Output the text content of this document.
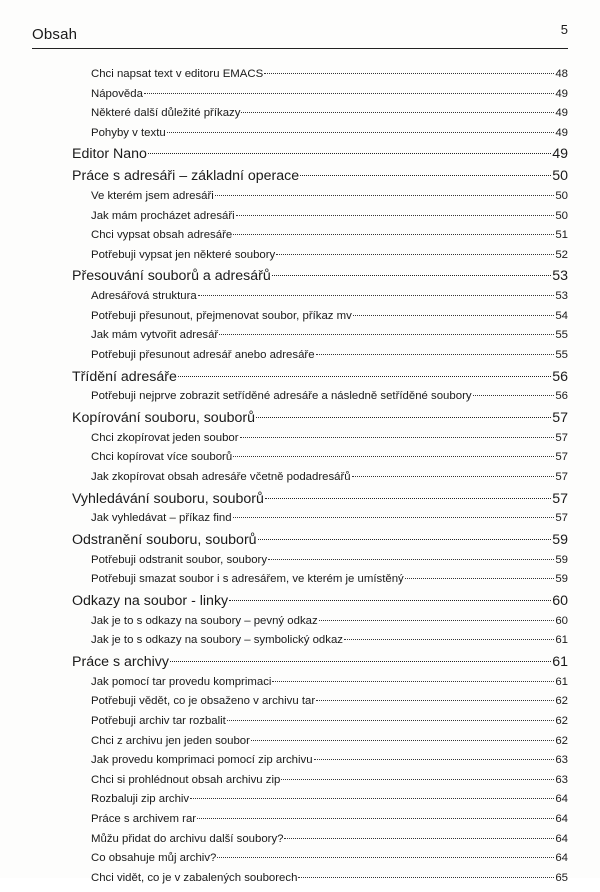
Obsah	5
Chci napsat text v editoru EMACS	48
Nápověda	49
Některé další důležité příkazy	49
Pohyby v textu	49
Editor Nano	49
Práce s adresáři – základní operace	50
Ve kterém jsem adresáři	50
Jak mám procházet adresáři	50
Chci vypsat obsah adresáře	51
Potřebuji vypsat jen některé soubory	52
Přesouvání souborů a adresářů	53
Adresářová struktura	53
Potřebuji přesunout, přejmenovat soubor, příkaz mv	54
Jak mám vytvořit adresář	55
Potřebuji přesunout adresář anebo adresáře	55
Třídění adresáře	56
Potřebuji nejprve zobrazit setříděné adresáře a následně setříděné soubory	56
Kopírování souboru, souborů	57
Chci zkopírovat jeden soubor	57
Chci kopírovat více souborů	57
Jak zkopírovat obsah adresáře včetně podadresářů	57
Vyhledávání souboru, souborů	57
Jak vyhledávat – příkaz find	57
Odstranění souboru, souborů	59
Potřebuji odstranit soubor, soubory	59
Potřebuji smazat soubor i s adresářem, ve kterém je umístěný	59
Odkazy na soubor - linky	60
Jak je to s odkazy na soubory – pevný odkaz	60
Jak je to s odkazy na soubory – symbolický odkaz	61
Práce s archivy	61
Jak pomocí tar provedu komprimaci	61
Potřebuji vědět, co je obsaženo v archivu tar	62
Potřebuji archiv tar rozbalit	62
Chci z archivu jen jeden soubor	62
Jak provedu komprimaci pomocí zip archivu	63
Chci si prohlédnout obsah archivu zip	63
Rozbaluji zip archiv	64
Práce s archivem rar	64
Můžu přidat do archivu další soubory?	64
Co obsahuje můj archiv?	64
Chci vidět, co je v zabalených souborech	65
